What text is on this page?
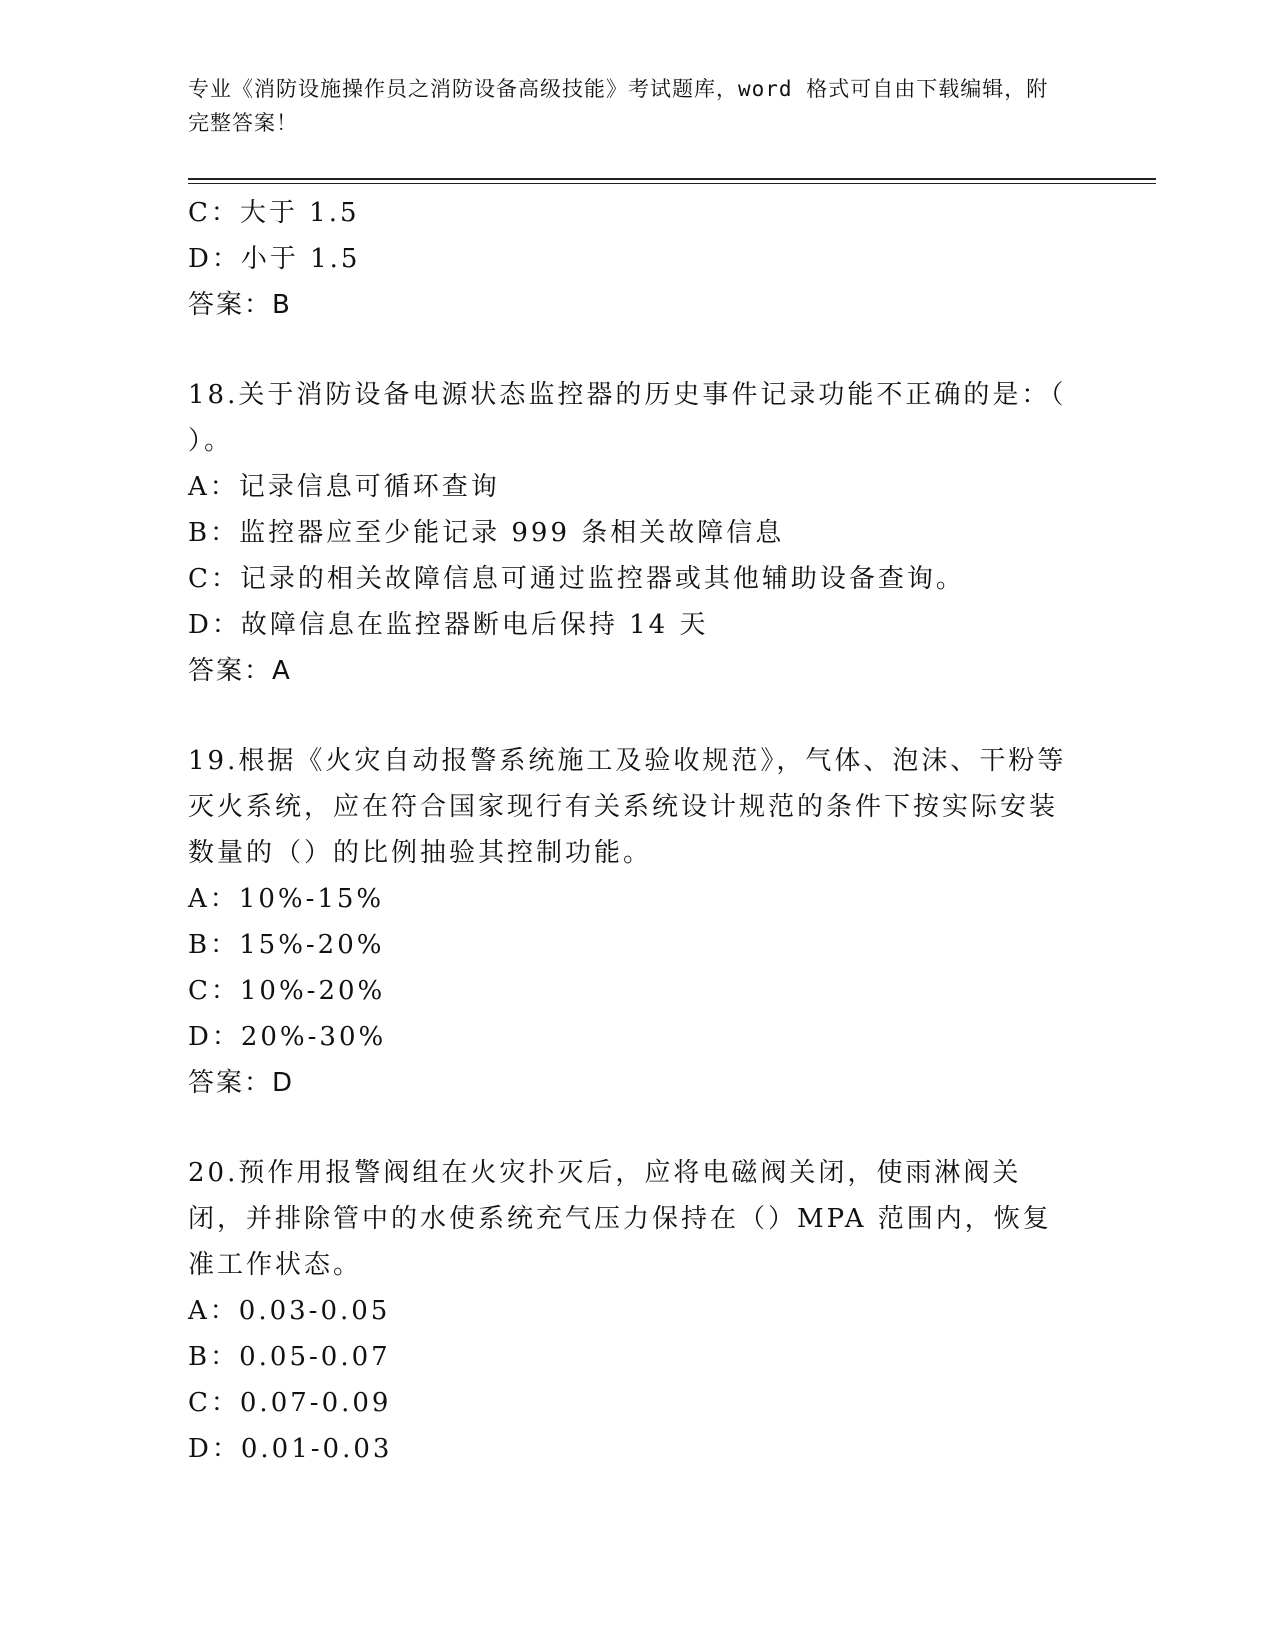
专业《消防设施操作员之消防设备高级技能》考试题库，word 格式可自由下载编辑，附完整答案！

C：大于 1.5

D：小于 1.5

答案：B

18.关于消防设备电源状态监控器的历史事件记录功能不正确的是：（ ）。

A：记录信息可循环查询

B：监控器应至少能记录 999 条相关故障信息

C：记录的相关故障信息可通过监控器或其他辅助设备查询。

D：故障信息在监控器断电后保持 14 天

答案：A

19.根据《火灾自动报警系统施工及验收规范》，气体、泡沫、干粉等灭火系统，应在符合国家现行有关系统设计规范的条件下按实际安装数量的（）的比例抽验其控制功能。

A：10%-15%

B：15%-20%

C：10%-20%

D：20%-30%

答案：D

20.预作用报警阀组在火灾扑灭后，应将电磁阀关闭，使雨淋阀关闭，并排除管中的水使系统充气压力保持在（）MPA 范围内，恢复准工作状态。

A：0.03-0.05

B：0.05-0.07

C：0.07-0.09

D：0.01-0.03
